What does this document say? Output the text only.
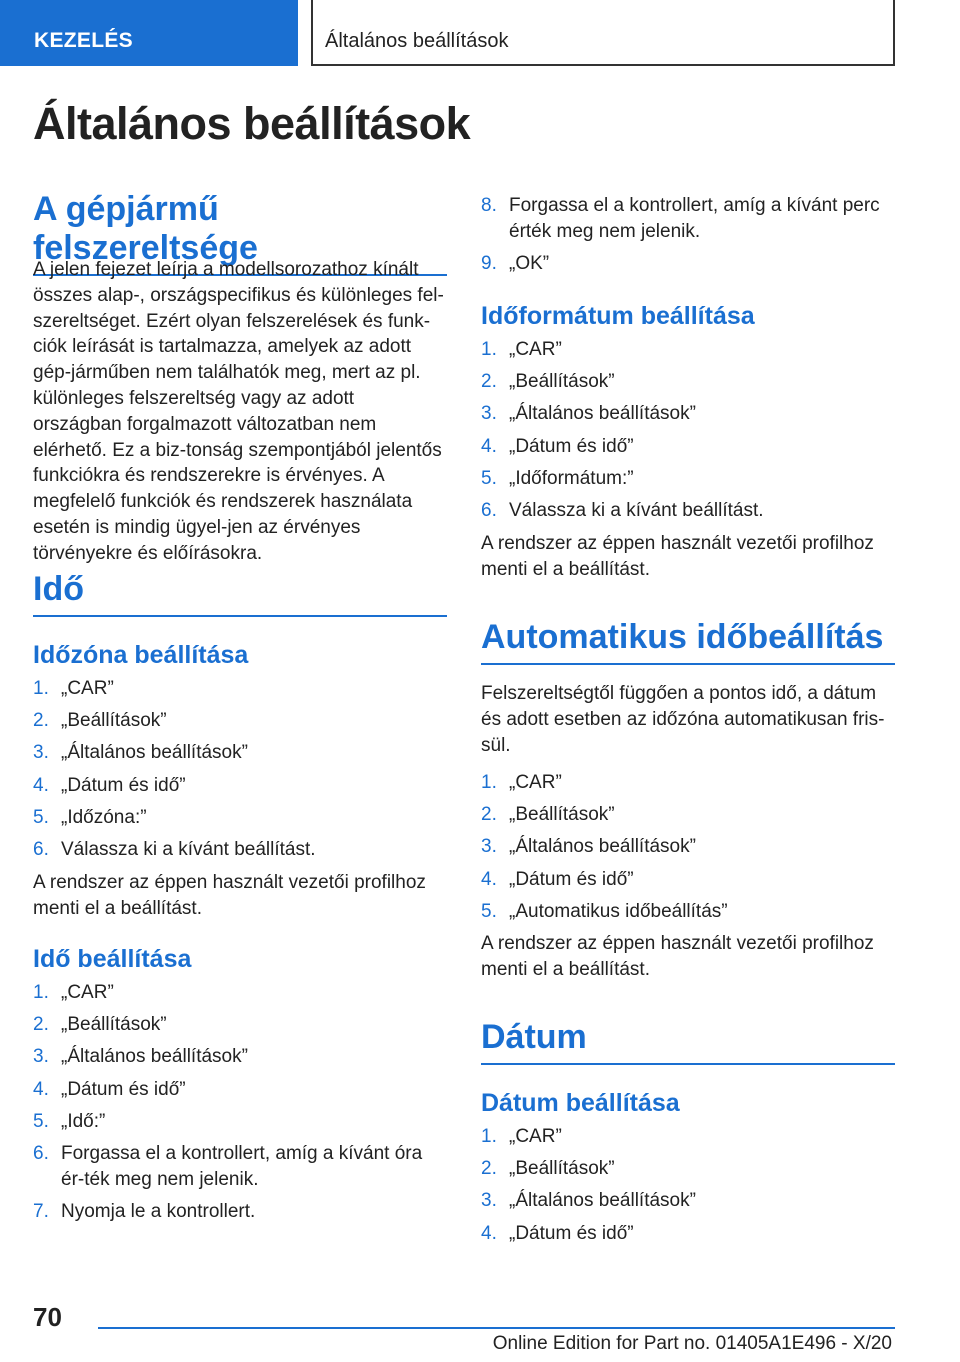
KEZELÉS	Általános beállítások
Általános beállítások
A gépjármű felszereltsége

A jelen fejezet leírja a modellsorozathoz kínált összes alap-, országspecifikus és különleges fel-szereltséget. Ezért olyan felszerelések és funk-ciók leírását is tartalmazza, amelyek az adott gép-járműben nem találhatók meg, mert az pl. különleges felszereltség vagy az adott országban forgalmazott változatban nem elérhető. Ez a biz-tonság szempontjából jelentős funkciókra és rendszerekre is érvényes. A megfelelő funkciók és rendszerek használata esetén is mindig ügyel-jen az érvényes törvényekre és előírásokra.

Idő
Időzóna beállítása
1. „CAR”
2. „Beállítások”
3. „Általános beállítások”
4. „Dátum és idő”
5. „Időzóna:”
6. Válassza ki a kívánt beállítást.

A rendszer az éppen használt vezetői profilhoz menti el a beállítást.

Idő beállítása
1. „CAR”
2. „Beállítások”
3. „Általános beállítások”
4. „Dátum és idő”
5. „Idő:”
6. Forgassa el a kontrollert, amíg a kívánt óra ér-ték meg nem jelenik.
7. Nyomja le a kontrollert.
8. Forgassa el a kontrollert, amíg a kívánt perc érték meg nem jelenik.
9. „OK”
Időformátum beállítása
1. „CAR”
2. „Beállítások”
3. „Általános beállítások”
4. „Dátum és idő”
5. „Időformátum:”
6. Válassza ki a kívánt beállítást.

A rendszer az éppen használt vezetői profilhoz menti el a beállítást.

Automatikus időbeállítás

Felszereltségtől függően a pontos idő, a dátum és adott esetben az időzóna automatikusan fris-sül.

1. „CAR”
2. „Beállítások”
3. „Általános beállítások”
4. „Dátum és idő”
5. „Automatikus időbeállítás”

A rendszer az éppen használt vezetői profilhoz menti el a beállítást.

Dátum
Dátum beállítása
1. „CAR”
2. „Beállítások”
3. „Általános beállítások”
4. „Dátum és idő”
70
Online Edition for Part no. 01405A1E496 - X/20
